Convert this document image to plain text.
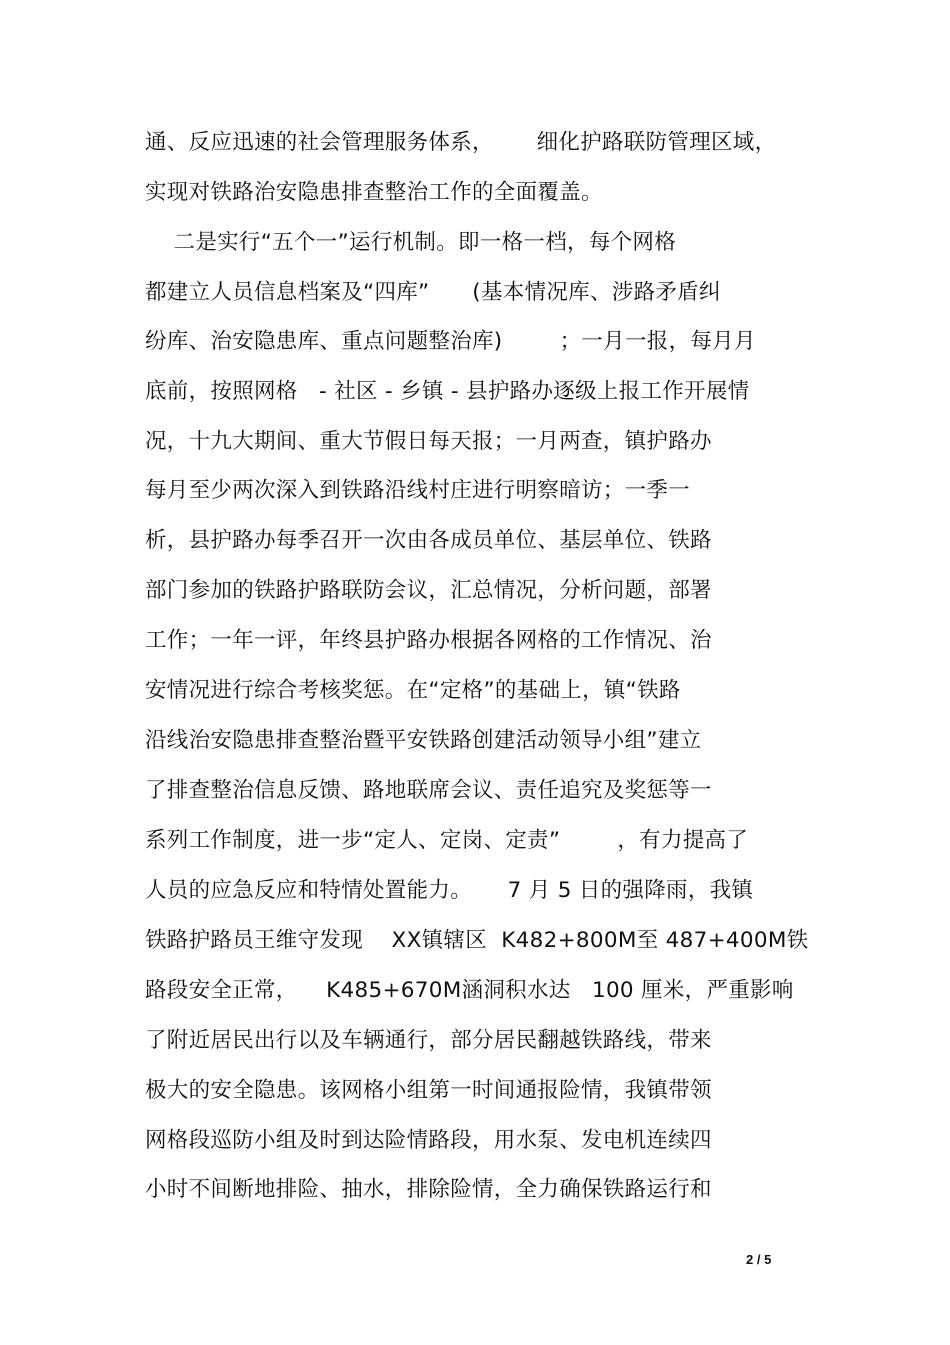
通、反应迅速的社会管理服务体系，      细化护路联防管理区域，
实现对铁路治安隐患排查整治工作的全面覆盖。
二是实行“五个一”运行机制。即一格一档，每个网格
都建立人员信息档案及“四库”      (基本情况库、涉路矛盾纠
纷库、治安隐患库、重点问题整治库)        ；一月一报，每月月
底前，按照网格   - 社区 - 乡镇 - 县护路办逐级上报工作开展情
况，十九大期间、重大节假日每天报；一月两查，镇护路办
每月至少两次深入到铁路沿线村庄进行明察暗访；一季一
析，县护路办每季召开一次由各成员单位、基层单位、铁路
部门参加的铁路护路联防会议，汇总情况，分析问题，部署
工作；一年一评，年终县护路办根据各网格的工作情况、治
安情况进行综合考核奖惩。在“定格”的基础上，镇“铁路
沿线治安隐患排查整治暨平安铁路创建活动领导小组”建立
了排查整治信息反馈、路地联席会议、责任追究及奖惩等一
系列工作制度，进一步“定人、定岗、定责”        ，有力提高了
人员的应急反应和特情处置能力。     7 月 5 日的强降雨，我镇
铁路护路员王维守发现    XX镇辖区  K482+800M至 487+400M铁
路段安全正常，    K485+670M涵洞积水达   100 厘米，严重影响
了附近居民出行以及车辆通行，部分居民翻越铁路线，带来
极大的安全隐患。该网格小组第一时间通报险情，我镇带领
网格段巡防小组及时到达险情路段，用水泵、发电机连续四
小时不间断地排险、抽水，排除险情，全力确保铁路运行和
2 / 5
